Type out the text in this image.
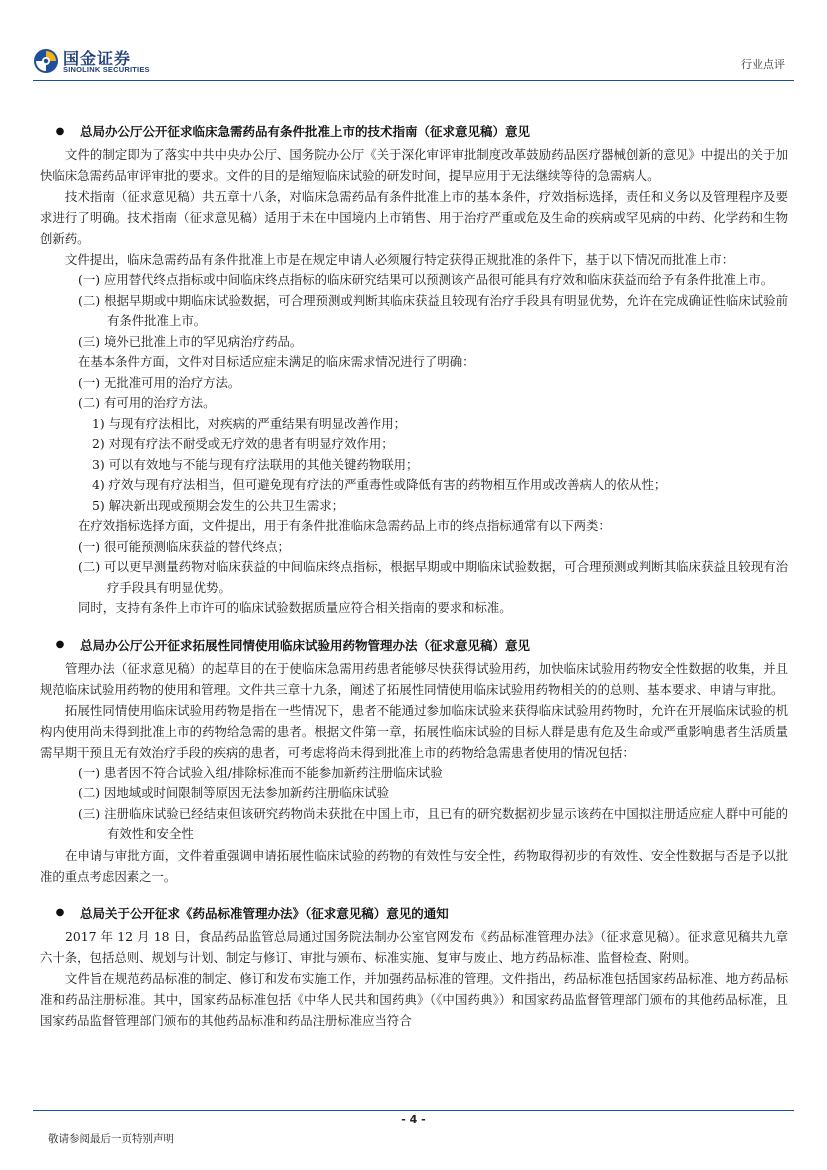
国金证券
SINOLINK SECURITIES	行业点评
●	总局办公厅公开征求临床急需药品有条件批准上市的技术指南（征求意见稿）意见

文件的制定即为了落实中共中央办公厅、国务院办公厅《关于深化审评审批制度改革鼓励药品医疗器械创新的意见》中提出的关于加快临床急需药品审评审批的要求。文件的目的是缩短临床试验的研发时间，提早应用于无法继续等待的急需病人。

技术指南（征求意见稿）共五章十八条，对临床急需药品有条件批准上市的基本条件，疗效指标选择，责任和义务以及管理程序及要求进行了明确。技术指南（征求意见稿）适用于未在中国境内上市销售、用于治疗严重或危及生命的疾病或罕见病的中药、化学药和生物创新药。

文件提出，临床急需药品有条件批准上市是在规定申请人必须履行特定获得正规批准的条件下，基于以下情况而批准上市：

(一) 应用替代终点指标或中间临床终点指标的临床研究结果可以预测该产品很可能具有疗效和临床获益而给予有条件批准上市。

(二) 根据早期或中期临床试验数据，可合理预测或判断其临床获益且较现有治疗手段具有明显优势，允许在完成确证性临床试验前有条件批准上市。

(三) 境外已批准上市的罕见病治疗药品。

在基本条件方面，文件对目标适应症未满足的临床需求情况进行了明确：

(一) 无批准可用的治疗方法。

(二) 有可用的治疗方法。

1) 与现有疗法相比，对疾病的严重结果有明显改善作用；

2) 对现有疗法不耐受或无疗效的患者有明显疗效作用；

3) 可以有效地与不能与现有疗法联用的其他关键药物联用；

4) 疗效与现有疗法相当，但可避免现有疗法的严重毒性或降低有害的药物相互作用或改善病人的依从性；

5) 解决新出现或预期会发生的公共卫生需求；

在疗效指标选择方面，文件提出，用于有条件批准临床急需药品上市的终点指标通常有以下两类：

(一) 很可能预测临床获益的替代终点；

(二) 可以更早测量药物对临床获益的中间临床终点指标，根据早期或中期临床试验数据，可合理预测或判断其临床获益且较现有治疗手段具有明显优势。

同时，支持有条件上市许可的临床试验数据质量应符合相关指南的要求和标准。

●	总局办公厅公开征求拓展性同情使用临床试验用药物管理办法（征求意见稿）意见

管理办法（征求意见稿）的起草目的在于使临床急需用药患者能够尽快获得试验用药，加快临床试验用药物安全性数据的收集，并且规范临床试验用药物的使用和管理。文件共三章十九条，阐述了拓展性同情使用临床试验用药物相关的的总则、基本要求、申请与审批。

拓展性同情使用临床试验用药物是指在一些情况下，患者不能通过参加临床试验来获得临床试验用药物时，允许在开展临床试验的机构内使用尚未得到批准上市的药物给急需的患者。根据文件第一章，拓展性临床试验的目标人群是患有危及生命或严重影响患者生活质量需早期干预且无有效治疗手段的疾病的患者，可考虑将尚未得到批准上市的药物给急需患者使用的情况包括：

(一) 患者因不符合试验入组/排除标准而不能参加新药注册临床试验

(二) 因地域或时间限制等原因无法参加新药注册临床试验

(三) 注册临床试验已经结束但该研究药物尚未获批在中国上市，且已有的研究数据初步显示该药在中国拟注册适应症人群中可能的有效性和安全性

在申请与审批方面，文件着重强调申请拓展性临床试验的药物的有效性与安全性，药物取得初步的有效性、安全性数据与否是予以批准的重点考虑因素之一。

●	总局关于公开征求《药品标准管理办法》（征求意见稿）意见的通知

2017 年 12 月 18 日，食品药品监管总局通过国务院法制办公室官网发布《药品标准管理办法》（征求意见稿）。征求意见稿共九章六十条，包括总则、规划与计划、制定与修订、审批与颁布、标准实施、复审与废止、地方药品标准、监督检查、附则。

文件旨在规范药品标准的制定、修订和发布实施工作，并加强药品标准的管理。文件指出，药品标准包括国家药品标准、地方药品标准和药品注册标准。其中，国家药品标准包括《中华人民共和国药典》（《中国药典》）和国家药品监督管理部门颁布的其他药品标准，且国家药品监督管理部门颁布的其他药品标准和药品注册标准应当符合

- 4 -
敬请参阅最后一页特别声明
